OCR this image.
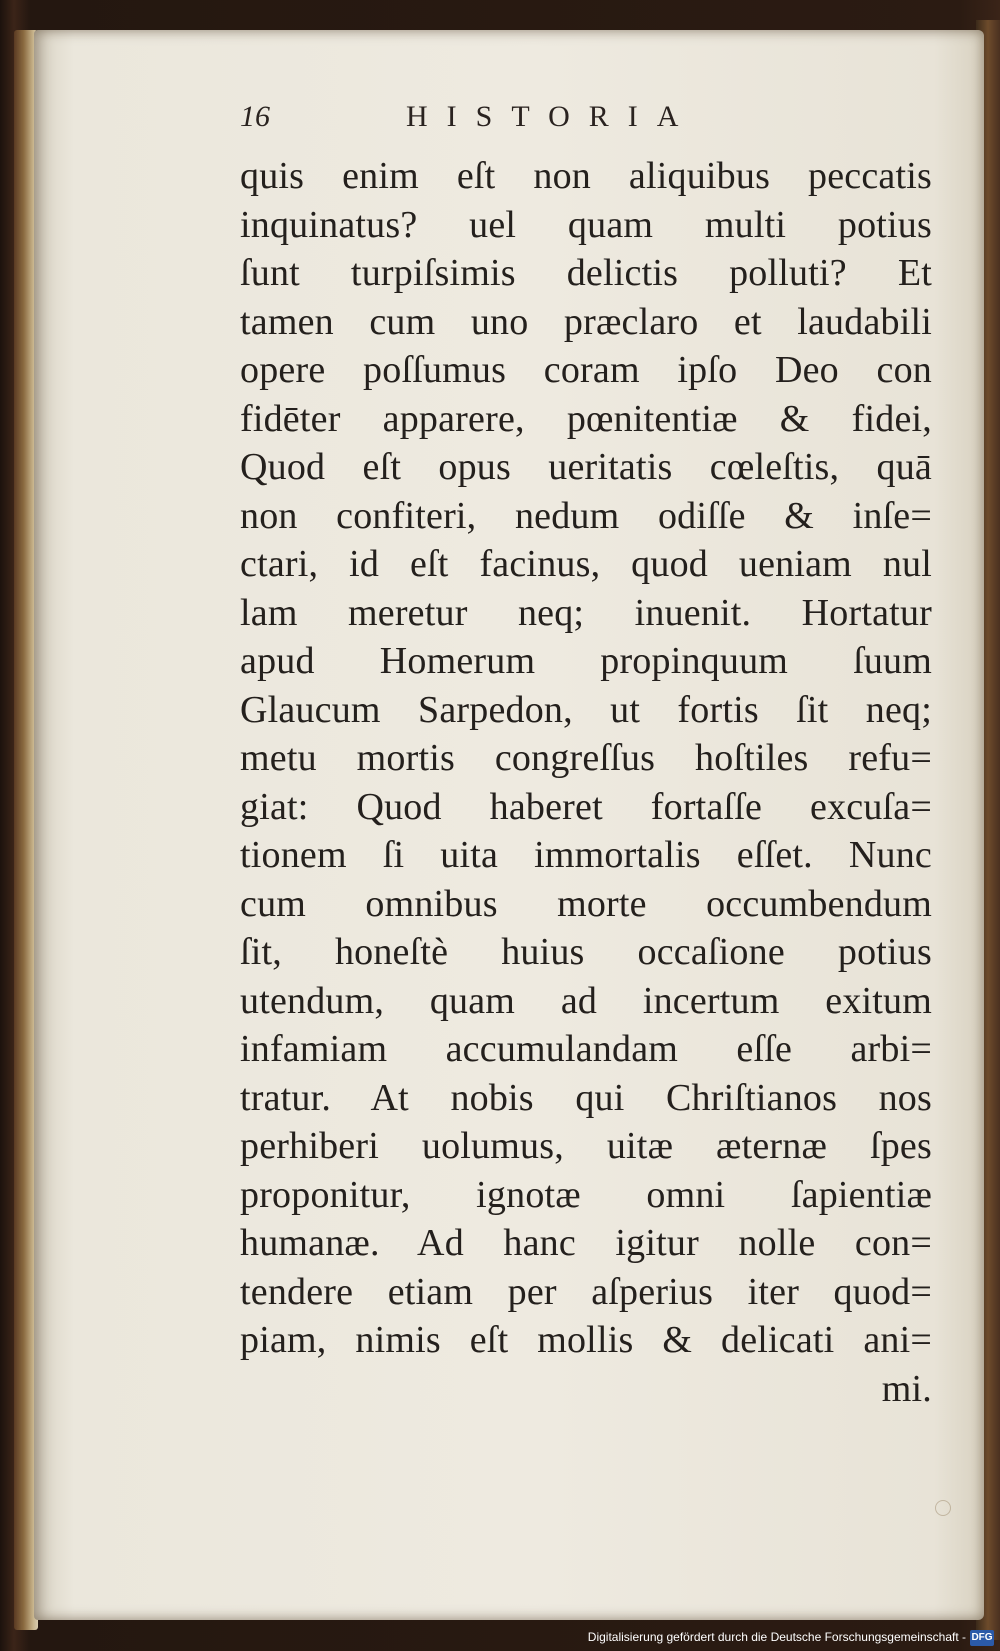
16	HISTORIA
quis enim eſt non aliquibus peccatis
inquinatus? uel quam multi potius
ſunt turpiſsimis delictis polluti? Et
tamen cum uno præclaro et laudabili
opere poſſumus coram ipſo Deo con
fidēter apparere, pœnitentiæ & fidei,
Quod eſt opus ueritatis cœleſtis, quā
non confiteri, nedum odiſſe & inſe=
ctari, id eſt facinus, quod ueniam nul
lam meretur neq; inuenit. Hortatur
apud Homerum propinquum ſuum
Glaucum Sarpedon, ut fortis ſit neq;
metu mortis congreſſus hoſtiles refu=
giat: Quod haberet fortaſſe excuſa=
tionem ſi uita immortalis eſſet. Nunc
cum omnibus morte occumbendum
ſit, honeſtè huius occaſione potius
utendum, quam ad incertum exitum
infamiam accumulandam eſſe arbi=
tratur. At nobis qui Chriſtianos nos
perhiberi uolumus, uitæ æternæ ſpes
proponitur, ignotæ omni ſapientiæ
humanæ. Ad hanc igitur nolle con=
tendere etiam per aſperius iter quod=
piam, nimis eſt mollis & delicati ani=
mi.
Digitalisierung gefördert durch die Deutsche Forschungsgemeinschaft - DFG
